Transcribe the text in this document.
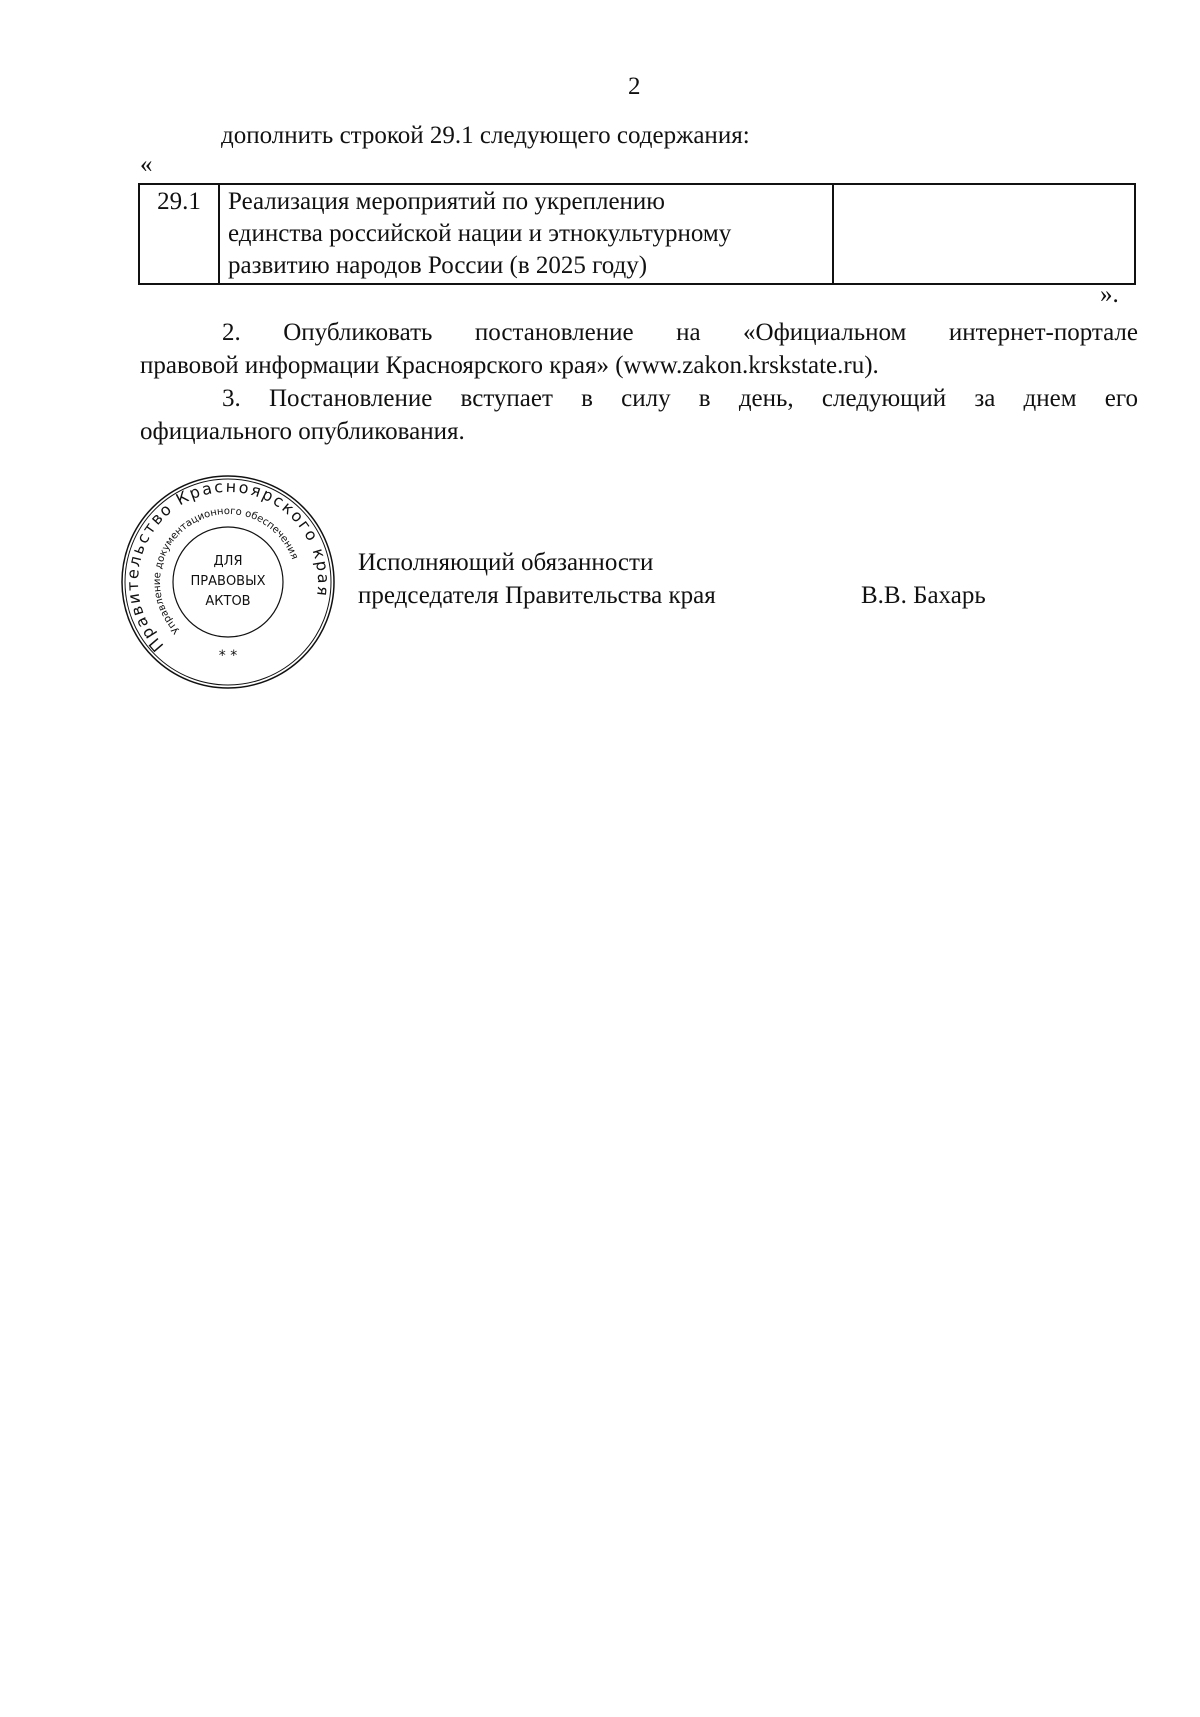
2
дополнить строкой 29.1 следующего содержания:
«
29.1	Реализация мероприятий по укреплению
единства российской нации и этнокультурному
развитию народов России (в 2025 году)

».
2. Опубликовать постановление на «Официальном интернет-портале
правовой информации Красноярского края» (www.zakon.krskstate.ru).
3. Постановление вступает в силу в день, следующий за днем его
официального опубликования.
Правительство Красноярского края
Управление документационного обеспечения
ДЛЯ
ПРАВОВЫХ
АКТОВ
* *
Исполняющий обязанности
председателя Правительства края	В.В. Бахарь
